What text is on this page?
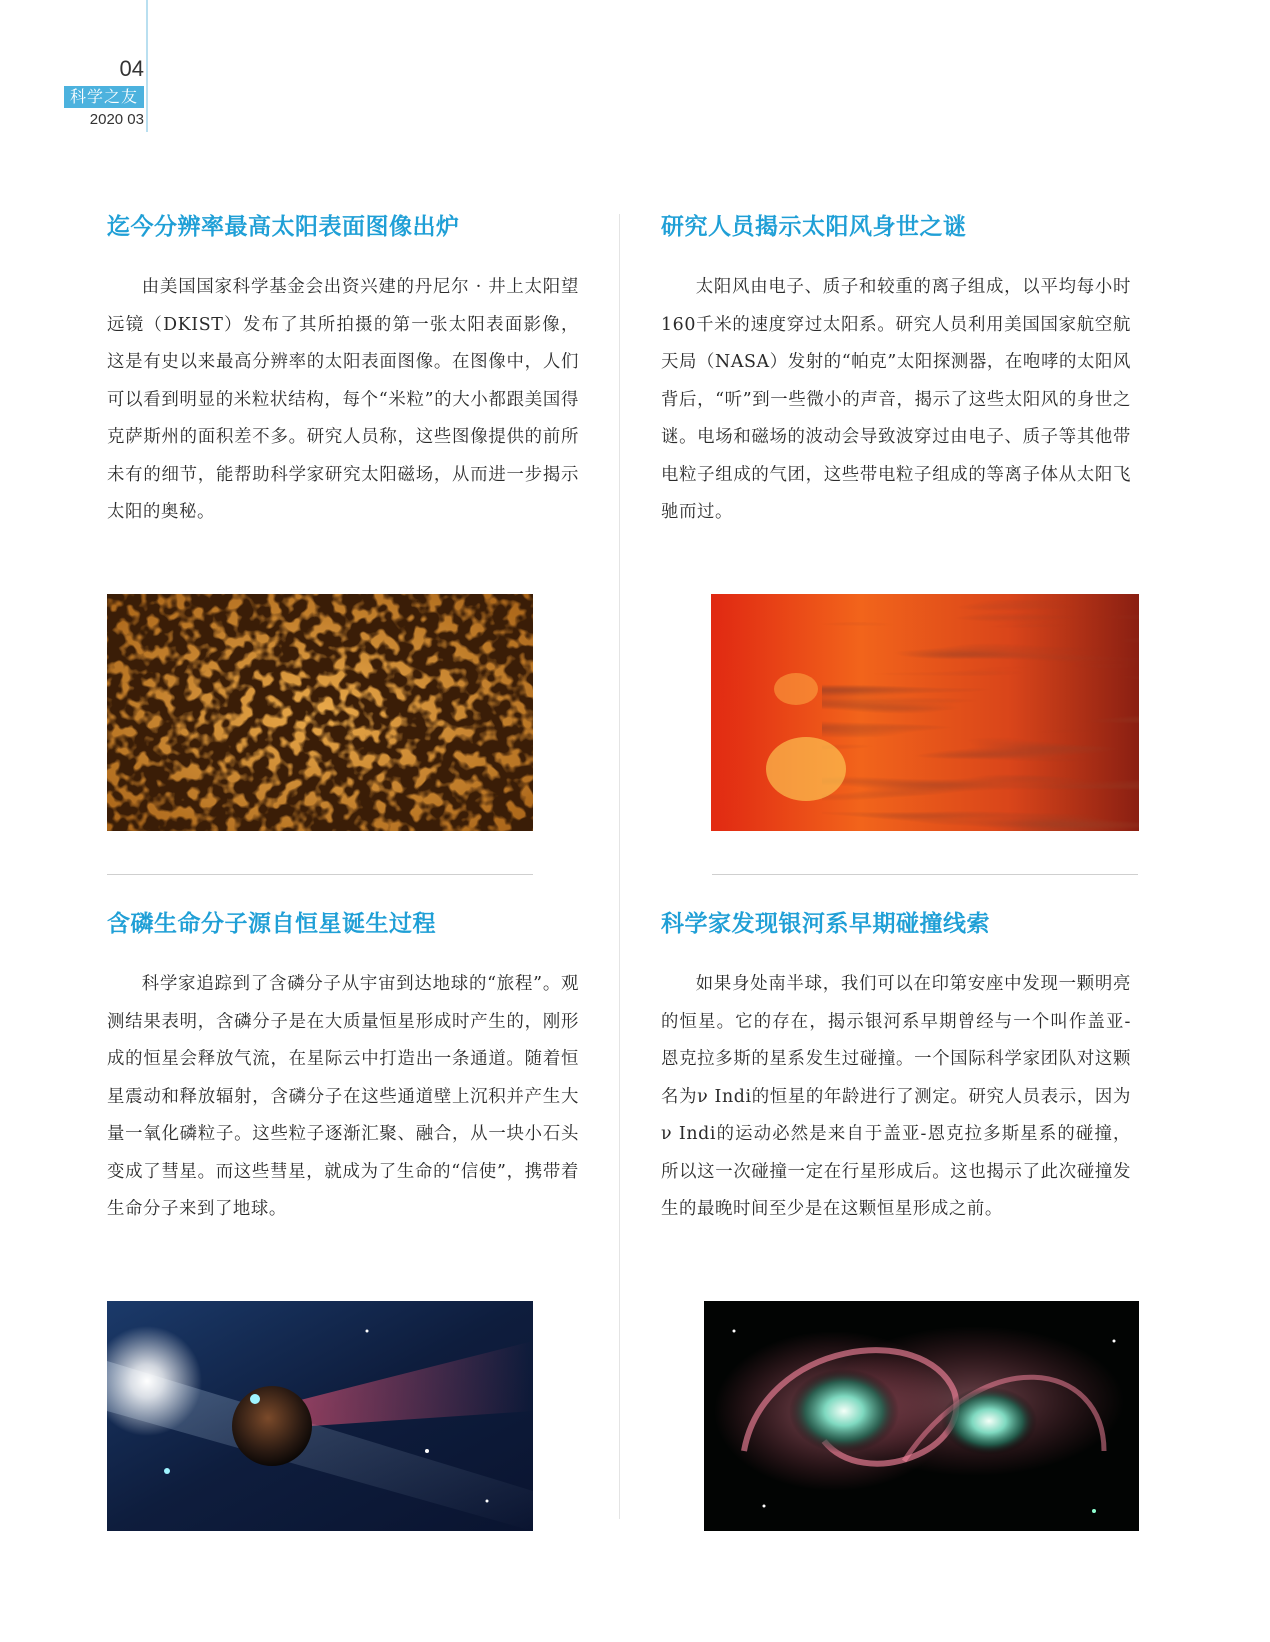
04
科学之友
2020 03
迄今分辨率最高太阳表面图像出炉

由美国国家科学基金会出资兴建的丹尼尔 · 井上太阳望远镜（DKIST）发布了其所拍摄的第一张太阳表面影像，这是有史以来最高分辨率的太阳表面图像。在图像中，人们可以看到明显的米粒状结构，每个“米粒”的大小都跟美国得克萨斯州的面积差不多。研究人员称，这些图像提供的前所未有的细节，能帮助科学家研究太阳磁场，从而进一步揭示太阳的奥秘。

研究人员揭示太阳风身世之谜

太阳风由电子、质子和较重的离子组成，以平均每小时160千米的速度穿过太阳系。研究人员利用美国国家航空航天局（NASA）发射的“帕克”太阳探测器，在咆哮的太阳风背后，“听”到一些微小的声音，揭示了这些太阳风的身世之谜。电场和磁场的波动会导致波穿过由电子、质子等其他带电粒子组成的气团，这些带电粒子组成的等离子体从太阳飞驰而过。

含磷生命分子源自恒星诞生过程

科学家追踪到了含磷分子从宇宙到达地球的“旅程”。观测结果表明，含磷分子是在大质量恒星形成时产生的，刚形成的恒星会释放气流，在星际云中打造出一条通道。随着恒星震动和释放辐射，含磷分子在这些通道壁上沉积并产生大量一氧化磷粒子。这些粒子逐渐汇聚、融合，从一块小石头变成了彗星。而这些彗星，就成为了生命的“信使”，携带着生命分子来到了地球。

科学家发现银河系早期碰撞线索

如果身处南半球，我们可以在印第安座中发现一颗明亮的恒星。它的存在，揭示银河系早期曾经与一个叫作盖亚-恩克拉多斯的星系发生过碰撞。一个国际科学家团队对这颗名为ν Indi的恒星的年龄进行了测定。研究人员表示，因为ν Indi的运动必然是来自于盖亚-恩克拉多斯星系的碰撞，所以这一次碰撞一定在行星形成后。这也揭示了此次碰撞发生的最晚时间至少是在这颗恒星形成之前。
